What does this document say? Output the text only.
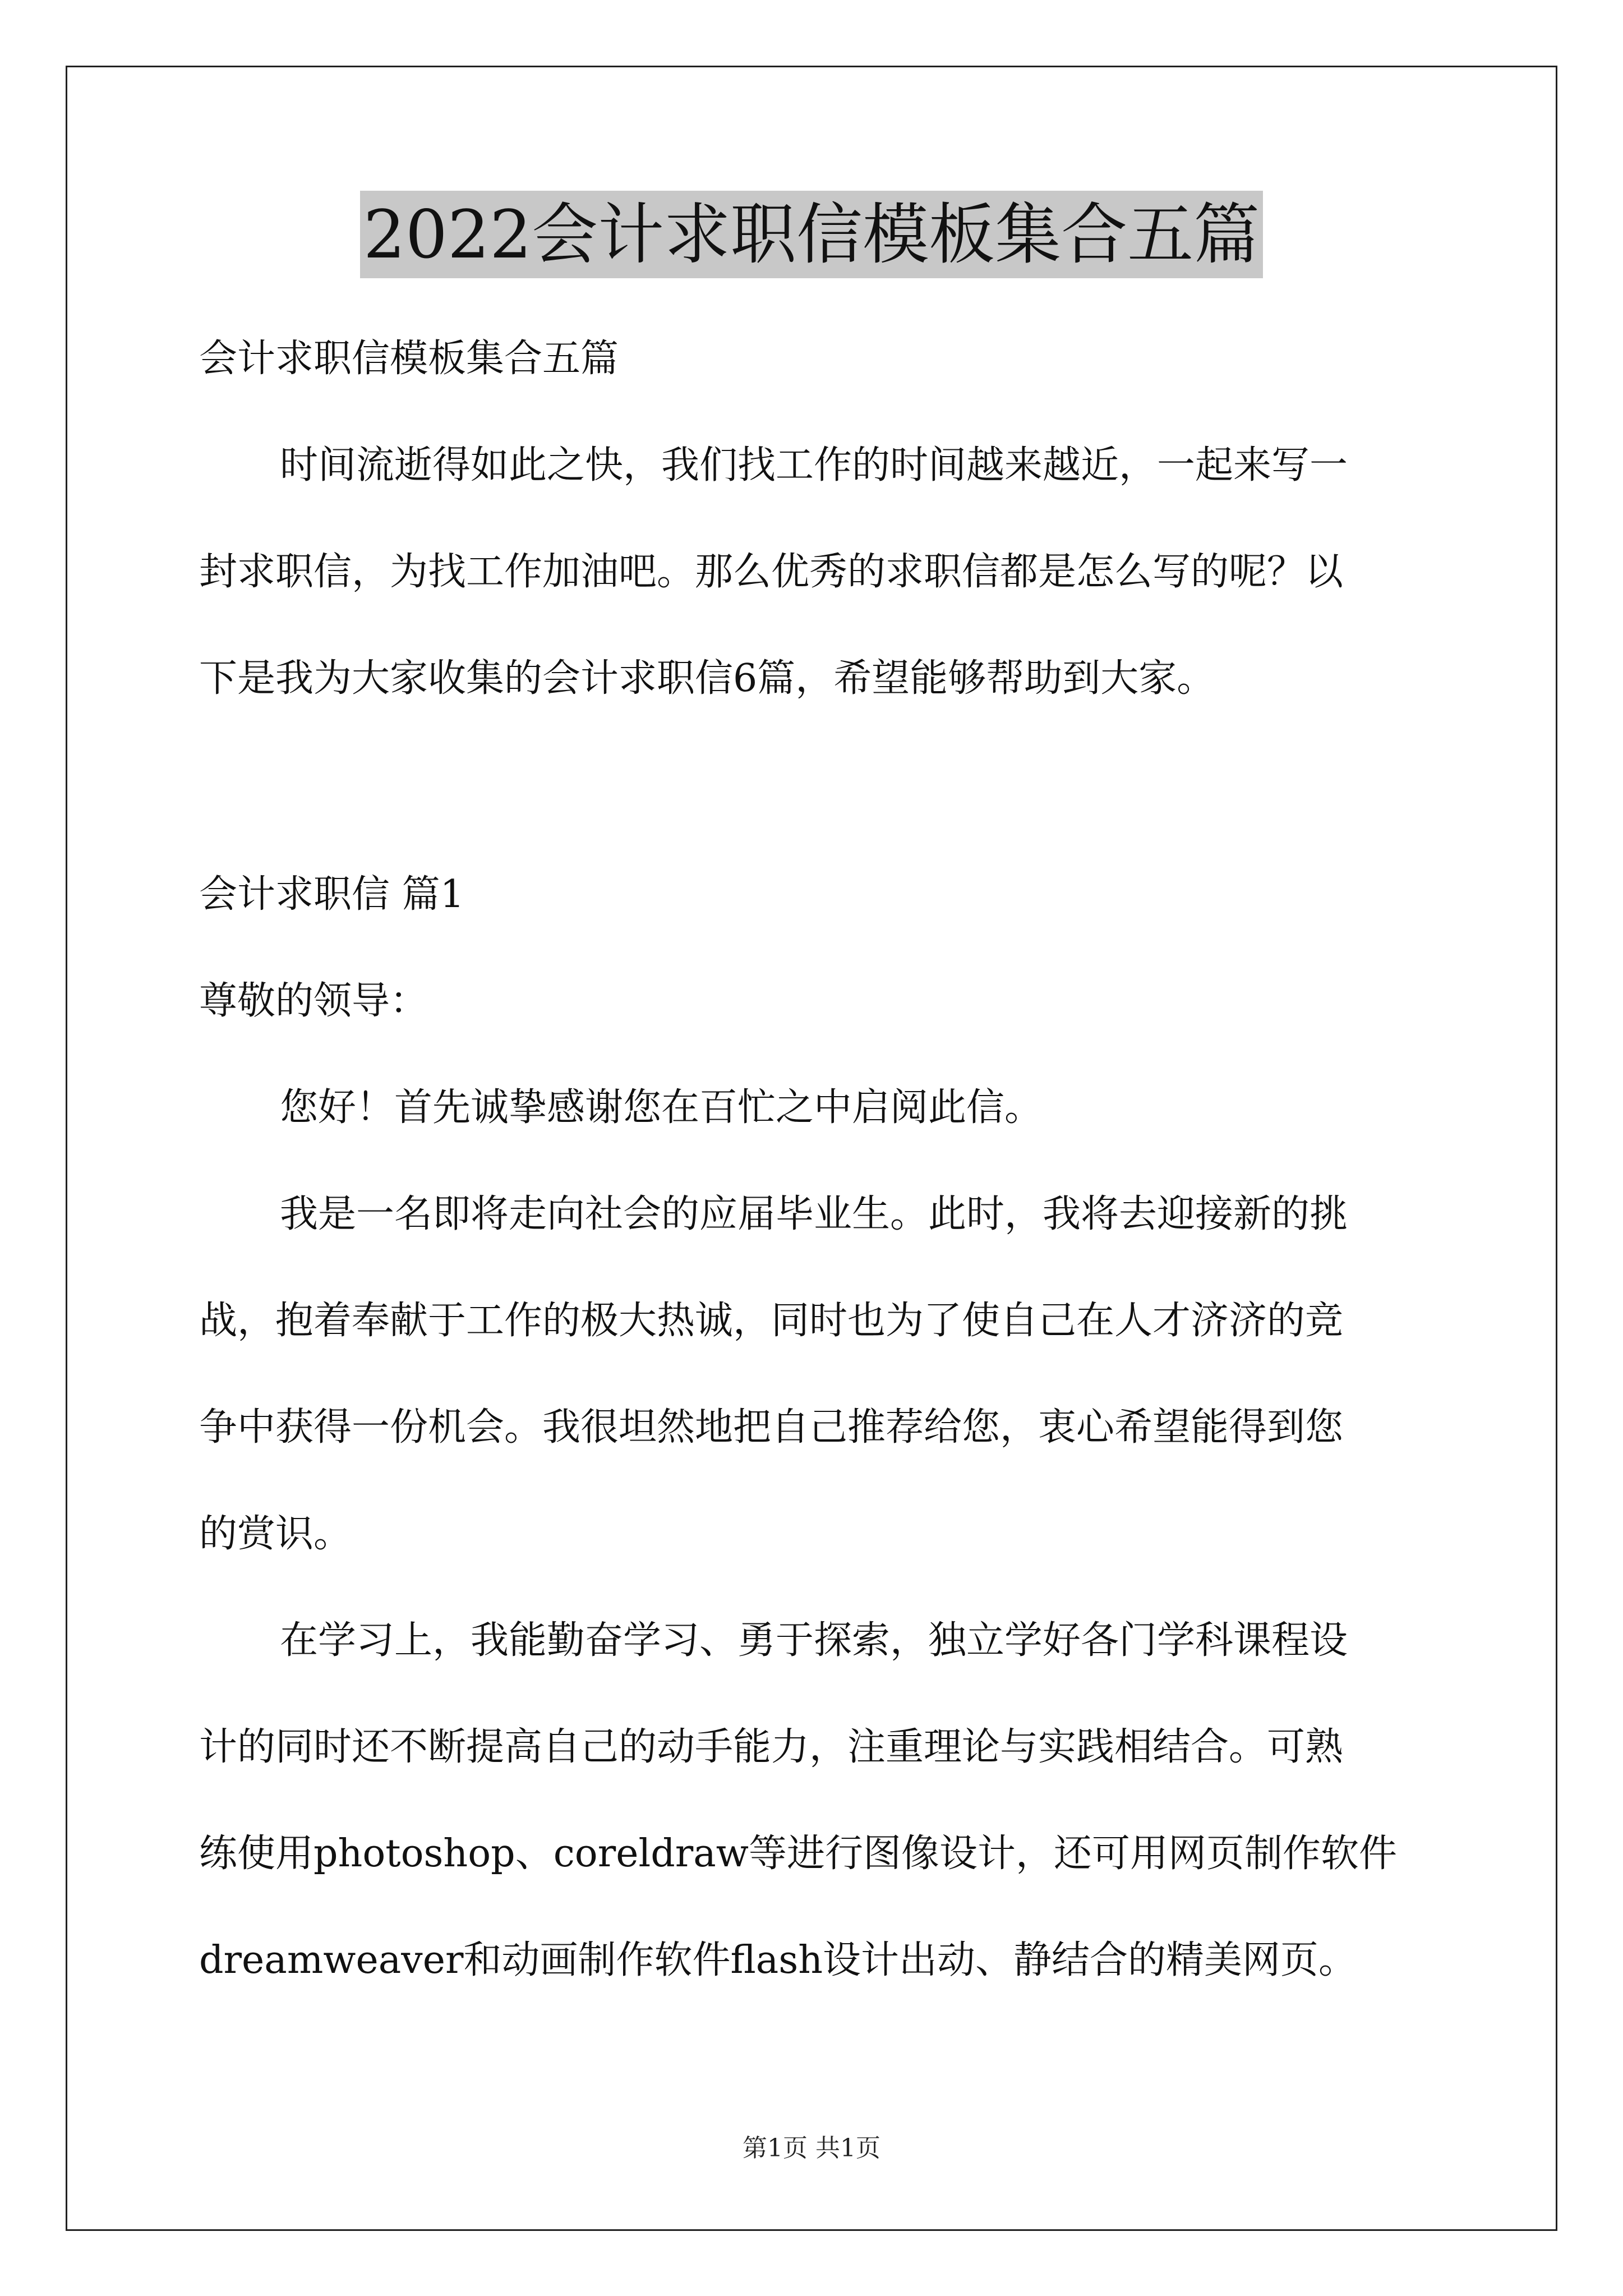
2022会计求职信模板集合五篇
会计求职信模板集合五篇
时间流逝得如此之快，我们找工作的时间越来越近，一起来写一
封求职信，为找工作加油吧。那么优秀的求职信都是怎么写的呢？以
下是我为大家收集的会计求职信6篇，希望能够帮助到大家。
会计求职信 篇1
尊敬的领导：
您好！首先诚挚感谢您在百忙之中启阅此信。
我是一名即将走向社会的应届毕业生。此时，我将去迎接新的挑
战，抱着奉献于工作的极大热诚，同时也为了使自己在人才济济的竞
争中获得一份机会。我很坦然地把自己推荐给您，衷心希望能得到您
的赏识。
在学习上，我能勤奋学习、勇于探索，独立学好各门学科课程设
计的同时还不断提高自己的动手能力，注重理论与实践相结合。可熟
练使用photoshop、coreldraw等进行图像设计，还可用网页制作软件
dreamweaver和动画制作软件flash设计出动、静结合的精美网页。
第1页 共1页
